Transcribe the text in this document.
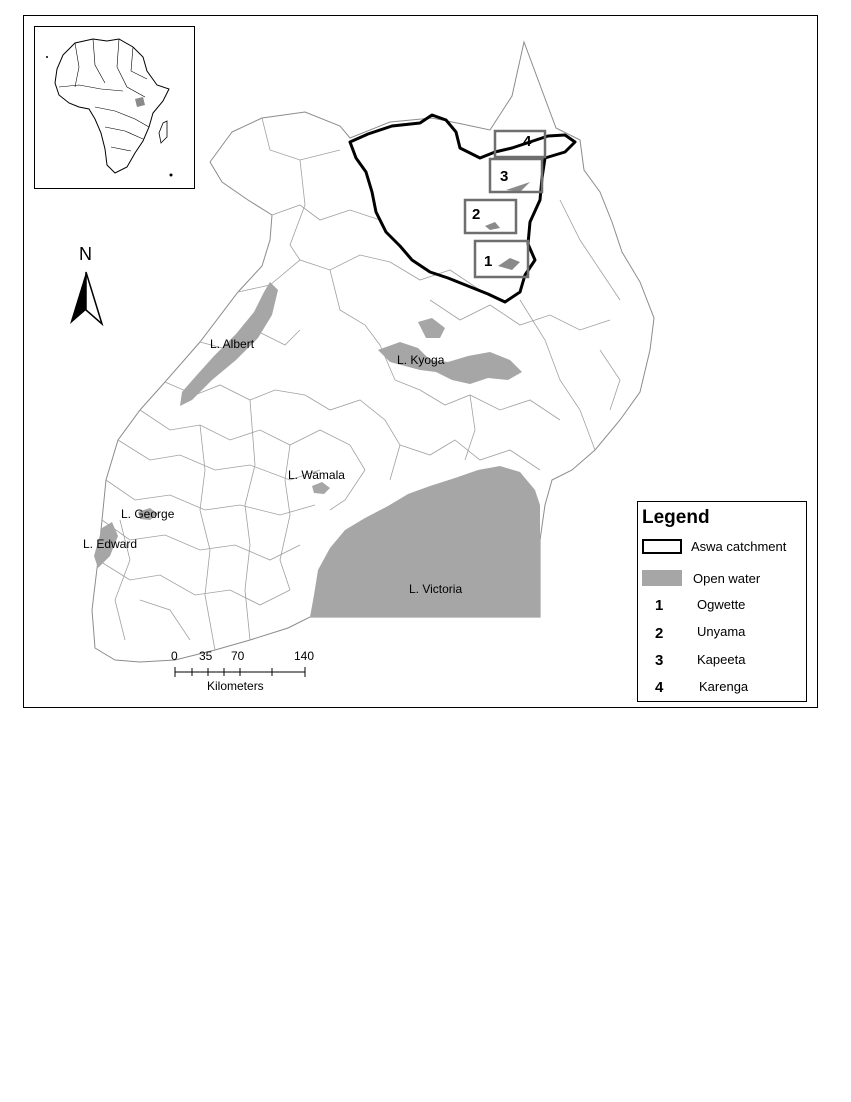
1
2
3
4
L. Albert
L. Kyoga
L. Wamala
L. George
L. Edward
L. Victoria
N
0 35 70	140
Kilometers
Legend
Aswa catchment
Open water
1	Ogwette
2	Unyama
3	Kapeeta
4	Karenga
